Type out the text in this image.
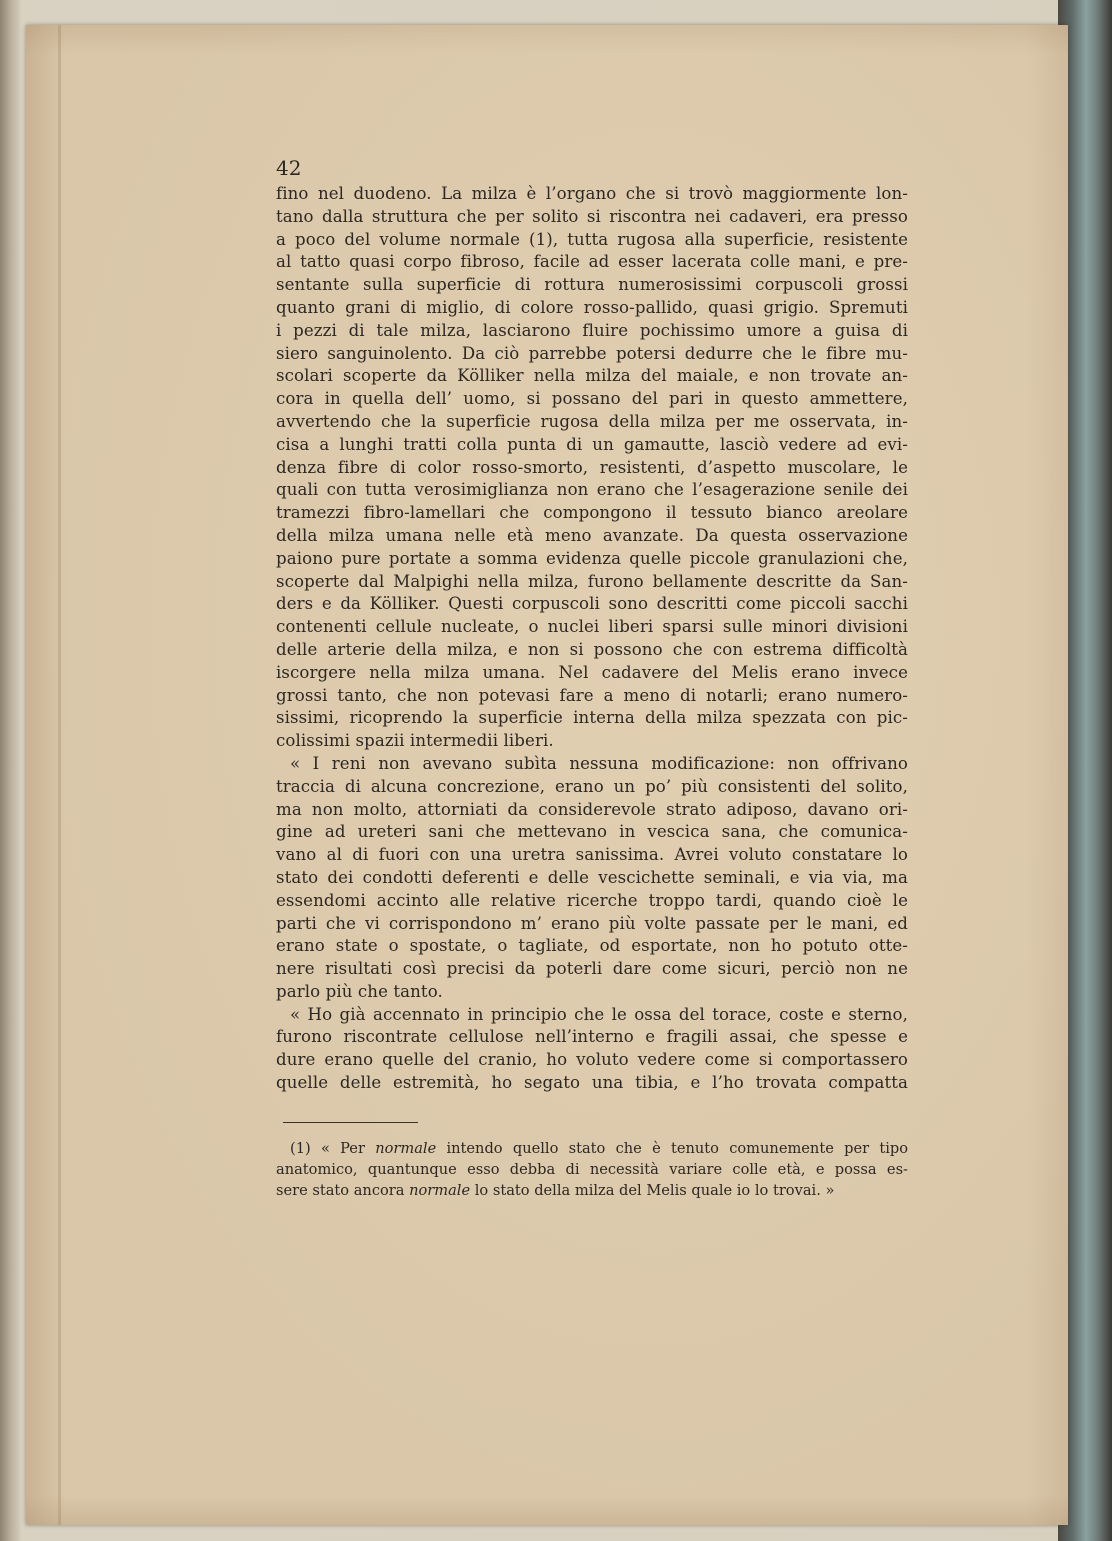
42
fino nel duodeno. La milza è l’organo che si trovò maggiormente lon-
tano dalla struttura che per solito si riscontra nei cadaveri, era presso
a poco del volume normale (1), tutta rugosa alla superficie, resistente
al tatto quasi corpo fibroso, facile ad esser lacerata colle mani, e pre-
sentante sulla superficie di rottura numerosissimi corpuscoli grossi
quanto grani di miglio, di colore rosso-pallido, quasi grigio. Spremuti
i pezzi di tale milza, lasciarono fluire pochissimo umore a guisa di
siero sanguinolento. Da ciò parrebbe potersi dedurre che le fibre mu-
scolari scoperte da Kölliker nella milza del maiale, e non trovate an-
cora in quella dell’ uomo, si possano del pari in questo ammettere,
avvertendo che la superficie rugosa della milza per me osservata, in-
cisa a lunghi tratti colla punta di un gamautte, lasciò vedere ad evi-
denza fibre di color rosso-smorto, resistenti, d’aspetto muscolare, le
quali con tutta verosimiglianza non erano che l’esagerazione senile dei
tramezzi fibro-lamellari che compongono il tessuto bianco areolare
della milza umana nelle età meno avanzate. Da questa osservazione
paiono pure portate a somma evidenza quelle piccole granulazioni che,
scoperte dal Malpighi nella milza, furono bellamente descritte da San-
ders e da Kölliker. Questi corpuscoli sono descritti come piccoli sacchi
contenenti cellule nucleate, o nuclei liberi sparsi sulle minori divisioni
delle arterie della milza, e non si possono che con estrema difficoltà
iscorgere nella milza umana. Nel cadavere del Melis erano invece
grossi tanto, che non potevasi fare a meno di notarli; erano numero-
sissimi, ricoprendo la superficie interna della milza spezzata con pic-
colissimi spazii intermedii liberi.
« I reni non avevano subìta nessuna modificazione: non offrivano
traccia di alcuna concrezione, erano un po’ più consistenti del solito,
ma non molto, attorniati da considerevole strato adiposo, davano ori-
gine ad ureteri sani che mettevano in vescica sana, che comunica-
vano al di fuori con una uretra sanissima. Avrei voluto constatare lo
stato dei condotti deferenti e delle vescichette seminali, e via via, ma
essendomi accinto alle relative ricerche troppo tardi, quando cioè le
parti che vi corrispondono m’ erano più volte passate per le mani, ed
erano state o spostate, o tagliate, od esportate, non ho potuto otte-
nere risultati così precisi da poterli dare come sicuri, perciò non ne
parlo più che tanto.
« Ho già accennato in principio che le ossa del torace, coste e sterno,
furono riscontrate cellulose nell’interno e fragili assai, che spesse e
dure erano quelle del cranio, ho voluto vedere come si comportassero
quelle delle estremità, ho segato una tibia, e l’ho trovata compatta
(1) « Per normale intendo quello stato che è tenuto comunemente per tipo
anatomico, quantunque esso debba di necessità variare colle età, e possa es-
sere stato ancora normale lo stato della milza del Melis quale io lo trovai. »
